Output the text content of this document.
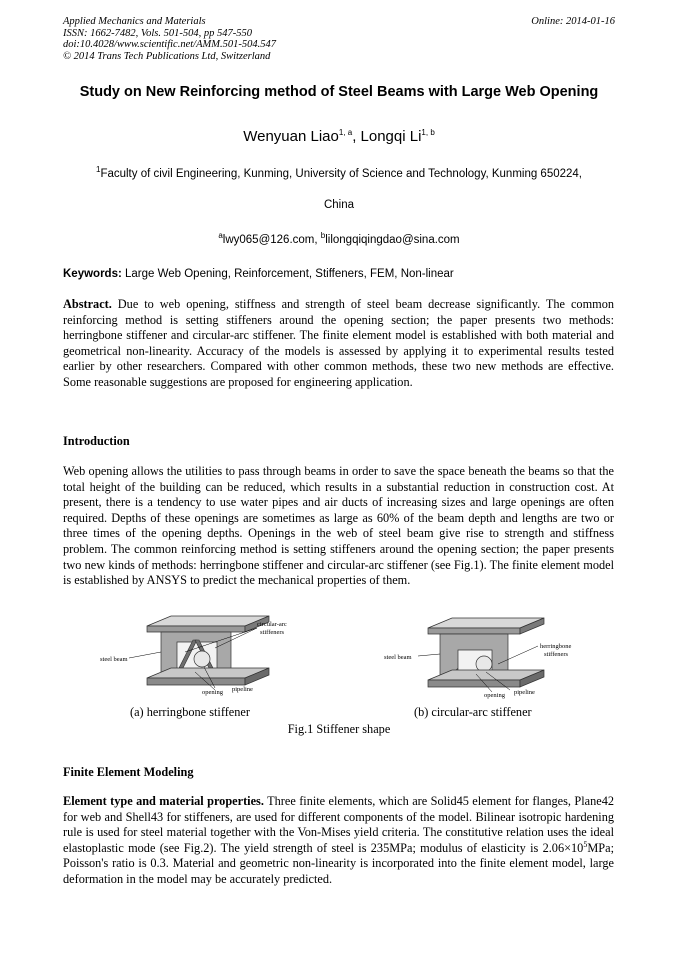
Applied Mechanics and Materials
ISSN: 1662-7482, Vols. 501-504, pp 547-550
doi:10.4028/www.scientific.net/AMM.501-504.547
© 2014 Trans Tech Publications Ltd, Switzerland
Online: 2014-01-16
Study on New Reinforcing method of Steel Beams with Large Web Opening
Wenyuan Liao$^{1, a}$, Longqi Li$^{1, b}$
$^1$Faculty of civil Engineering, Kunming, University of Science and Technology, Kunming 650224,
China
$^a$lwy065@126.com, $^b$lilongqiqingdao@sina.com
Keywords: Large Web Opening, Reinforcement, Stiffeners, FEM, Non-linear
Abstract. Due to web opening, stiffness and strength of steel beam decrease significantly. The common reinforcing method is setting stiffeners around the opening section; the paper presents two methods: herringbone stiffener and circular-arc stiffener. The finite element model is established with both material and geometrical non-linearity. Accuracy of the models is assessed by applying it to experimental results tested earlier by other researchers. Compared with other common methods, these two new methods are effective. Some reasonable suggestions are proposed for engineering application.
Introduction
Web opening allows the utilities to pass through beams in order to save the space beneath the beams so that the total height of the building can be reduced, which results in a substantial reduction in construction cost. At present, there is a tendency to use water pipes and air ducts of increasing sizes and large openings are often required. Depths of these openings are sometimes as large as 60% of the beam depth and lengths are two or three times of the opening depths. Openings in the web of steel beam give rise to strength and stiffness problem. The common reinforcing method is setting stiffeners around the opening section; the paper presents two new kinds of methods: herringbone stiffener and circular-arc stiffener (see Fig.1). The finite element model is established by ANSYS to predict the mechanical properties of them.
steel beam
circular-arc
stiffeners
opening pipeline
(a) herringbone stiffener
steel beam
herringbone
stiffeners
opening pipeline
(b) circular-arc stiffener
Fig.1 Stiffener shape
Finite Element Modeling
Element type and material properties. Three finite elements, which are Solid45 element for flanges, Plane42 for web and Shell43 for stiffeners, are used for different components of the model. Bilinear isotropic hardening rule is used for steel material together with the Von-Mises yield criteria. The constitutive relation uses the ideal elastoplastic mode (see Fig.2). The yield strength of steel is 235MPa; modulus of elasticity is $2.06\times 10^5MPa$; Poisson's ratio is 0.3. Material and geometric non-linearity is incorporated into the finite element model, large deformation in the model may be accurately predicted.
